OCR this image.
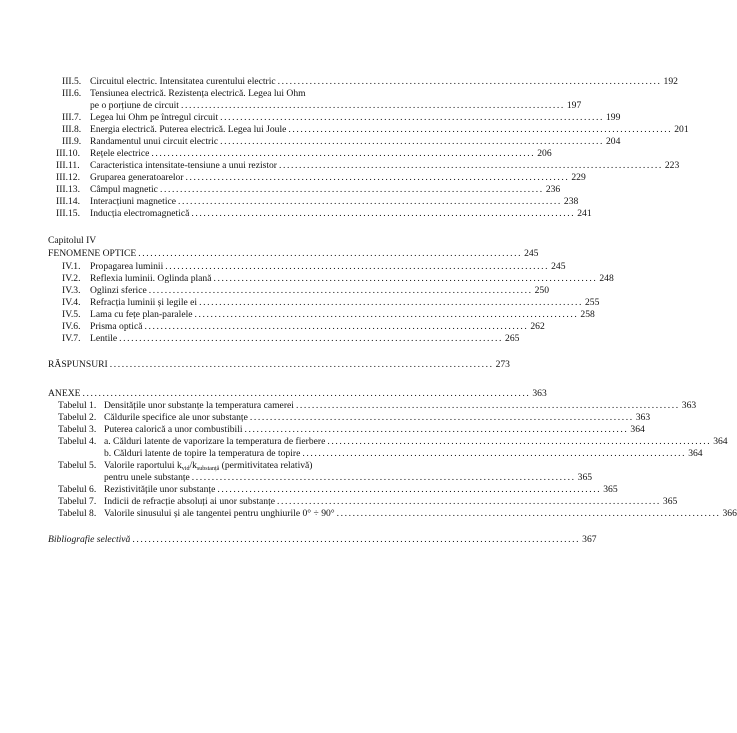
III.5. Circuitul electric. Intensitatea curentului electric ................................................................................................ 192
III.6. Tensiunea electrică. Rezistența electrică. Legea lui Ohm
pe o porțiune de circuit ................................................................................................ 197
III.7. Legea lui Ohm pe întregul circuit ................................................................................................ 199
III.8. Energia electrică. Puterea electrică. Legea lui Joule ................................................................................................ 201
III.9. Randamentul unui circuit electric ................................................................................................ 204
III.10. Rețele electrice ................................................................................................ 206
III.11. Caracteristica intensitate-tensiune a unui rezistor ................................................................................................ 223
III.12. Gruparea generatoarelor ................................................................................................ 229
III.13. Câmpul magnetic ................................................................................................ 236
III.14. Interacțiuni magnetice ................................................................................................ 238
III.15. Inducția electromagnetică ................................................................................................ 241
Capitolul IV
FENOMENE OPTICE ................................................................................................ 245
IV.1. Propagarea luminii ................................................................................................ 245
IV.2. Reflexia luminii. Oglinda plană ................................................................................................ 248
IV.3. Oglinzi sferice ................................................................................................ 250
IV.4. Refracția luminii și legile ei ................................................................................................ 255
IV.5. Lama cu fețe plan-paralele ................................................................................................ 258
IV.6. Prisma optică ................................................................................................ 262
IV.7. Lentile ................................................................................................ 265
RĂSPUNSURI ................................................................................................ 273
ANEXE ................................................................................................................ 363
Tabelul 1. Densitățile unor substanțe la temperatura camerei ................................................................................................ 363
Tabelul 2. Căldurile specifice ale unor substanțe ................................................................................................ 363
Tabelul 3. Puterea calorică a unor combustibili ................................................................................................ 364
Tabelul 4. a. Călduri latente de vaporizare la temperatura de fierbere ................................................................................................ 364
b. Călduri latente de topire la temperatura de topire ................................................................................................ 364
Tabelul 5. Valorile raportului $k_{vid}/k_{substanță}$ (permitivitatea relativă)
pentru unele substanțe ................................................................................................ 365
Tabelul 6. Rezistivitățile unor substanțe ................................................................................................ 365
Tabelul 7. Indicii de refracție absoluți ai unor substanțe ................................................................................................ 365
Tabelul 8. Valorile sinusului și ale tangentei pentru unghiurile 0° ÷ 90° ................................................................................................ 366
Bibliografie selectivă ................................................................................................................ 367
